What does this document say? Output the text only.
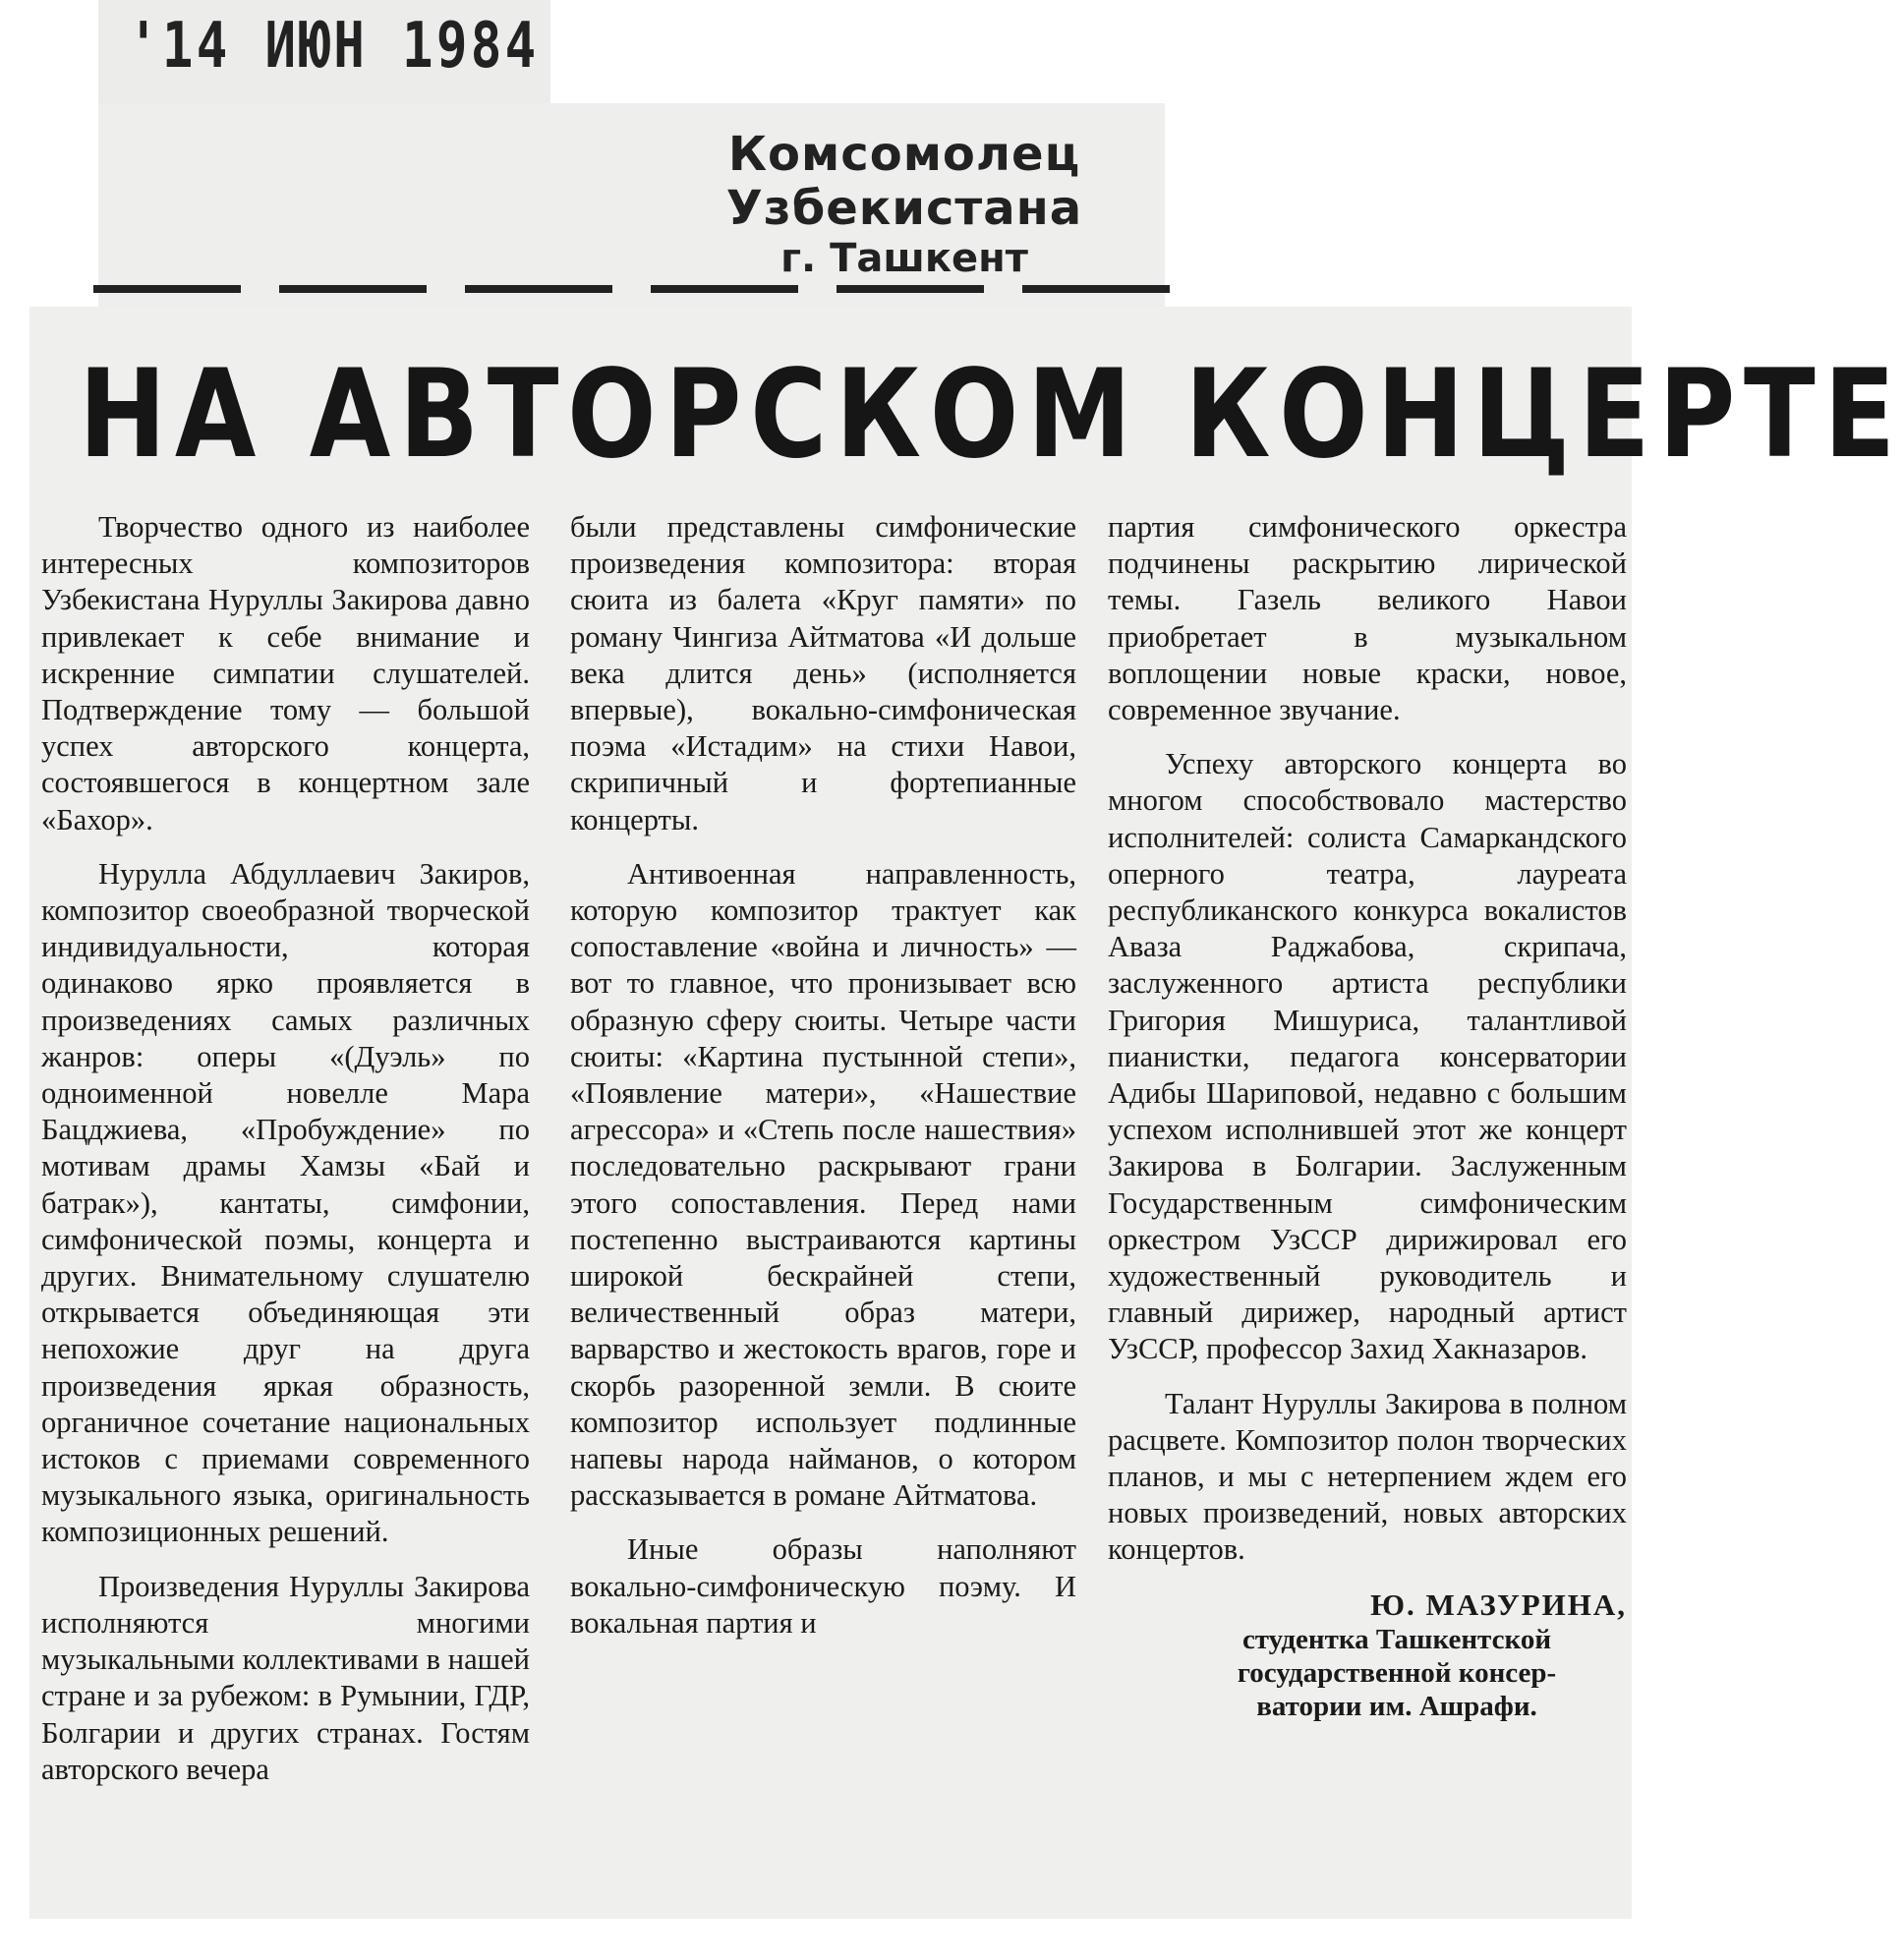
'14 ИЮН 1984
Комсомолец Узбекистана
г. Ташкент
НА АВТОРСКОМ КОНЦЕРТЕ

Творчество одного из наиболее интересных композиторов Узбекистана Нуруллы Закирова давно привлекает к себе внимание и искренние симпатии слушателей. Подтверждение тому — большой успех авторского концерта, состоявшегося в концертном зале «Бахор».

Нурулла Абдуллаевич Закиров, композитор своеобразной творческой индивидуальности, которая одинаково ярко проявляется в произведениях самых различных жанров: оперы «(Дуэль» по одноименной новелле Мара Бацджиева, «Пробуждение» по мотивам драмы Хамзы «Бай и батрак»), кантаты, симфонии, симфонической поэмы, концерта и других. Внимательному слушателю открывается объединяющая эти непохожие друг на друга произведения яркая образность, органичное сочетание национальных истоков с приемами современного музыкального языка, оригинальность композиционных решений.

Произведения Нуруллы Закирова исполняются многими музыкальными коллективами в нашей стране и за рубежом: в Румынии, ГДР, Болгарии и других странах. Гостям авторского вечера

были представлены симфонические произведения композитора: вторая сюита из балета «Круг памяти» по роману Чингиза Айтматова «И дольше века длится день» (исполняется впервые), вокально-симфоническая поэма «Истадим» на стихи Навои, скрипичный и фортепианные концерты.

Антивоенная направленность, которую композитор трактует как сопоставление «война и личность» — вот то главное, что пронизывает всю образную сферу сюиты. Четыре части сюиты: «Картина пустынной степи», «Появление матери», «Нашествие агрессора» и «Степь после нашествия» последовательно раскрывают грани этого сопоставления. Перед нами постепенно выстраиваются картины широкой бескрайней степи, величественный образ матери, варварство и жестокость врагов, горе и скорбь разоренной земли. В сюите композитор использует подлинные напевы народа найманов, о котором рассказывается в романе Айтматова.

Иные образы наполняют вокально-симфоническую поэму. И вокальная партия и

партия симфонического оркестра подчинены раскрытию лирической темы. Газель великого Навои приобретает в музыкальном воплощении новые краски, новое, современное звучание.

Успеху авторского концерта во многом способствовало мастерство исполнителей: солиста Самаркандского оперного театра, лауреата республиканского конкурса вокалистов Аваза Раджабова, скрипача, заслуженного артиста республики Григория Мишуриса, талантливой пианистки, педагога консерватории Адибы Шариповой, недавно с большим успехом исполнившей этот же концерт Закирова в Болгарии. Заслуженным Государственным симфоническим оркестром УзССР дирижировал его художественный руководитель и главный дирижер, народный артист УзССР, профессор Захид Хакназаров.

Талант Нуруллы Закирова в полном расцвете. Композитор полон творческих планов, и мы с нетерпением ждем его новых произведений, новых авторских концертов.

Ю. МАЗУРИНА,
студентка Ташкентской
государственной консер-
ватории им. Ашрафи.
